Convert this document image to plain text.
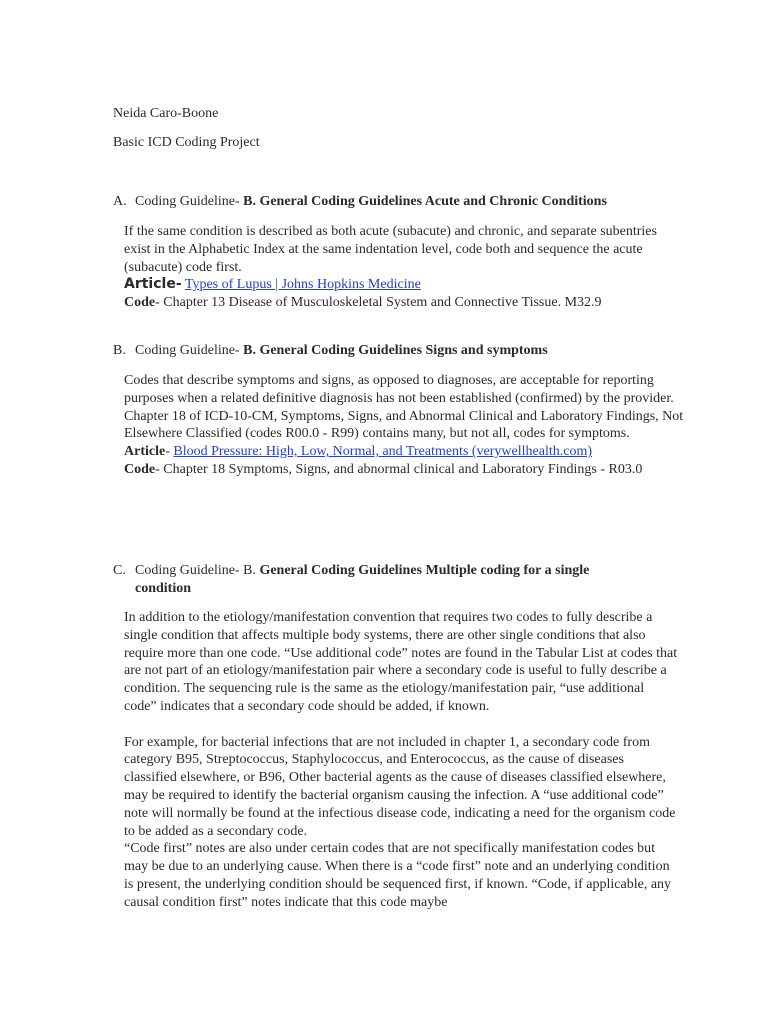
Neida Caro-Boone
Basic ICD Coding Project
A. Coding Guideline- B. General Coding Guidelines Acute and Chronic Conditions

If the same condition is described as both acute (subacute) and chronic, and separate subentries exist in the Alphabetic Index at the same indentation level, code both and sequence the acute (subacute) code first.

Article- Types of Lupus | Johns Hopkins Medicine

Code- Chapter 13 Disease of Musculoskeletal System and Connective Tissue. M32.9

B. Coding Guideline- B. General Coding Guidelines Signs and symptoms

Codes that describe symptoms and signs, as opposed to diagnoses, are acceptable for reporting purposes when a related definitive diagnosis has not been established (confirmed) by the provider. Chapter 18 of ICD-10-CM, Symptoms, Signs, and Abnormal Clinical and Laboratory Findings, Not Elsewhere Classified (codes R00.0 - R99) contains many, but not all, codes for symptoms.

Article- Blood Pressure: High, Low, Normal, and Treatments (verywellhealth.com)

Code- Chapter 18 Symptoms, Signs, and abnormal clinical and Laboratory Findings - R03.0

C. Coding Guideline- B. General Coding Guidelines Multiple coding for a single condition

In addition to the etiology/manifestation convention that requires two codes to fully describe a single condition that affects multiple body systems, there are other single conditions that also require more than one code. “Use additional code” notes are found in the Tabular List at codes that are not part of an etiology/manifestation pair where a secondary code is useful to fully describe a condition. The sequencing rule is the same as the etiology/manifestation pair, “use additional code” indicates that a secondary code should be added, if known.

For example, for bacterial infections that are not included in chapter 1, a secondary code from category B95, Streptococcus, Staphylococcus, and Enterococcus, as the cause of diseases classified elsewhere, or B96, Other bacterial agents as the cause of diseases classified elsewhere, may be required to identify the bacterial organism causing the infection. A “use additional code” note will normally be found at the infectious disease code, indicating a need for the organism code to be added as a secondary code.

“Code first” notes are also under certain codes that are not specifically manifestation codes but may be due to an underlying cause. When there is a “code first” note and an underlying condition is present, the underlying condition should be sequenced first, if known. “Code, if applicable, any causal condition first” notes indicate that this code maybe
